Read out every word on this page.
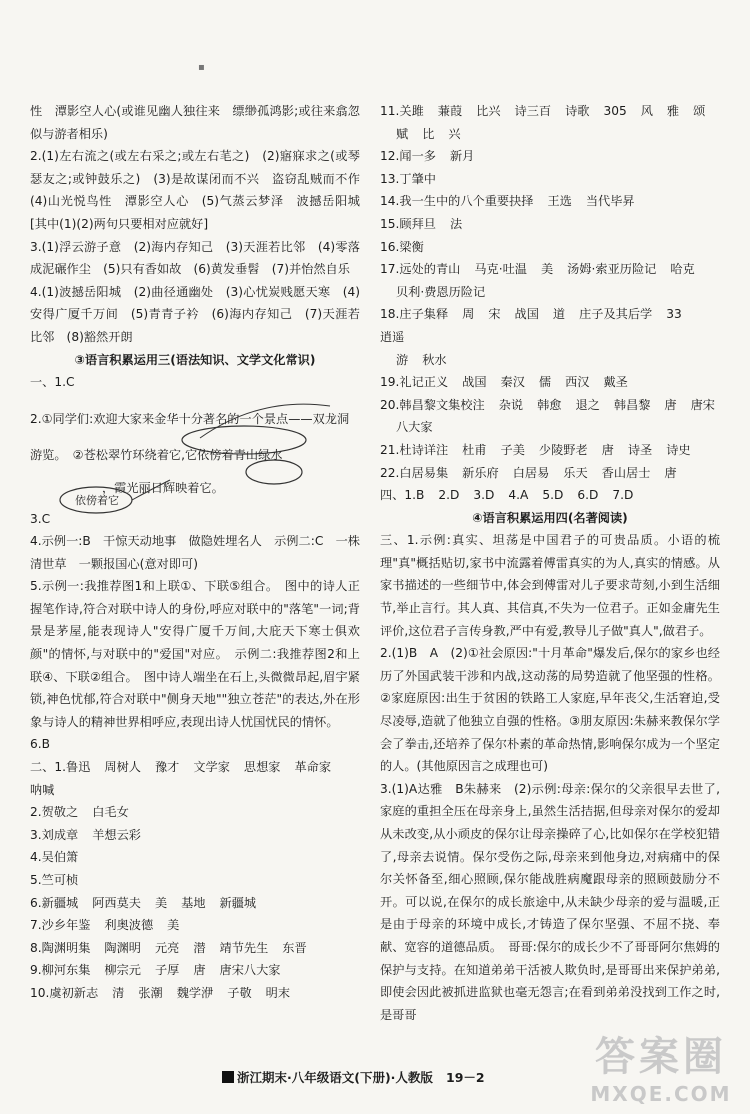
▪

性　潭影空人心(或谁见幽人独往来　缥缈孤鸿影;或往来翕忽　似与游者相乐)

2.(1)左右流之(或左右采之;或左右芼之)　(2)寤寐求之(或琴瑟友之;或钟鼓乐之)　(3)是故谋闭而不兴　盗窃乱贼而不作　(4)山光悦鸟性　潭影空人心　(5)气蒸云梦泽　波撼岳阳城[其中(1)(2)两句只要相对应就好]

3.(1)浮云游子意　(2)海内存知己　(3)天涯若比邻　(4)零落成泥碾作尘　(5)只有香如故　(6)黄发垂髫　(7)并怡然自乐

4.(1)波撼岳阳城　(2)曲径通幽处　(3)心忧炭贱愿天寒　(4)安得广厦千万间　(5)青青子衿　(6)海内存知己　(7)天涯若比邻　(8)豁然开朗

③语言积累运用三(语法知识、文学文化常识)

一、1.C

2.①同学们:欢迎大家来金华十分著名的一个景点——双龙洞

游览。　②苍松翠竹环绕着它,它依傍着青山绿水

，霞光丽日辉映着它。

3.C

4.示例一:B　干惊天动地事　做隐姓埋名人　示例二:C　一株清世草　一颗报国心(意对即可)

5.示例一:我推荐图1和上联①、下联⑤组合。　图中的诗人正握笔作诗,符合对联中诗人的身份,呼应对联中的"落笔"一词;背景是茅屋,能表现诗人"安得广厦千万间,大庇天下寒士俱欢颜"的情怀,与对联中的"爱国"对应。　示例二:我推荐图2和上联④、下联②组合。　图中诗人端坐在石上,头微微昂起,眉宇紧锁,神色忧郁,符合对联中"侧身天地""独立苍茫"的表达,外在形象与诗人的精神世界相呼应,表现出诗人忧国忧民的情怀。

6.B

二、1.鲁迅 周树人 豫才 文学家 思想家 革命家
呐喊
2.贺敬之 白毛女
3.刘成章 羊想云彩
4.吴伯箫
5.竺可桢
6.新疆城 阿西莫夫 美 基地 新疆城
7.沙乡年鉴 利奥波德 美
8.陶渊明集 陶渊明 元亮 潜 靖节先生 东晋
9.柳河东集 柳宗元 子厚 唐 唐宋八大家
10.虞初新志 清 张潮 魏学洢 子敬 明末
11.关雎 蒹葭 比兴 诗三百 诗歌 305 风 雅 颂
赋 比 兴
12.闻一多 新月
13.丁肇中
14.我一生中的八个重要抉择 王选 当代毕昇
15.顾拜旦 法
16.梁衡
17.远处的青山 马克·吐温 美 汤姆·索亚历险记 哈克
贝利·费恩历险记
18.庄子集释 周 宋 战国 道 庄子及其后学 33
逍遥
游 秋水
19.礼记正义 战国 秦汉 儒 西汉 戴圣
20.韩昌黎文集校注 杂说 韩愈 退之 韩昌黎 唐 唐宋
八大家
21.杜诗详注 杜甫 子美 少陵野老 唐 诗圣 诗史
22.白居易集 新乐府 白居易 乐天 香山居士 唐
四、1.B 2.D 3.D 4.A 5.D 6.D 7.D

④语言积累运用四(名著阅读)

三、1.示例:真实、坦荡是中国君子的可贵品质。小语的梳理"真"概括贴切,家书中流露着傅雷真实的为人,真实的情感。从家书描述的一些细节中,体会到傅雷对儿子要求苛刻,小到生活细节,举止言行。其人真、其信真,不失为一位君子。正如金庸先生评价,这位君子言传身教,严中有爱,教导儿子做"真人",做君子。

2.(1)B　A　(2)①社会原因:"十月革命"爆发后,保尔的家乡也经历了外国武装干涉和内战,这动荡的局势造就了他坚强的性格。②家庭原因:出生于贫困的铁路工人家庭,早年丧父,生活窘迫,受尽凌辱,造就了他独立自强的性格。③朋友原因:朱赫来教保尔学会了拳击,还培养了保尔朴素的革命热情,影响保尔成为一个坚定的人。(其他原因言之成理也可)

3.(1)A达雅　B朱赫来　(2)示例:母亲:保尔的父亲很早去世了,家庭的重担全压在母亲身上,虽然生活拮据,但母亲对保尔的爱却从未改变,从小顽皮的保尔让母亲操碎了心,比如保尔在学校犯错了,母亲去说情。保尔受伤之际,母亲来到他身边,对病痛中的保尔关怀备至,细心照顾,保尔能战胜病魔跟母亲的照顾鼓励分不开。可以说,在保尔的成长旅途中,从未缺少母亲的爱与温暖,正是由于母亲的环境中成长,才铸造了保尔坚强、不屈不挠、奉献、宽容的道德品质。　哥哥:保尔的成长少不了哥哥阿尔焦姆的保护与支持。在知道弟弟干活被人欺负时,是哥哥出来保护弟弟,即使会因此被抓进监狱也毫无怨言;在看到弟弟没找到工作之时,是哥哥

依傍着它
浙江期末·八年级语文(下册)·人教版 19－2	答案圈
MXQE.COM
